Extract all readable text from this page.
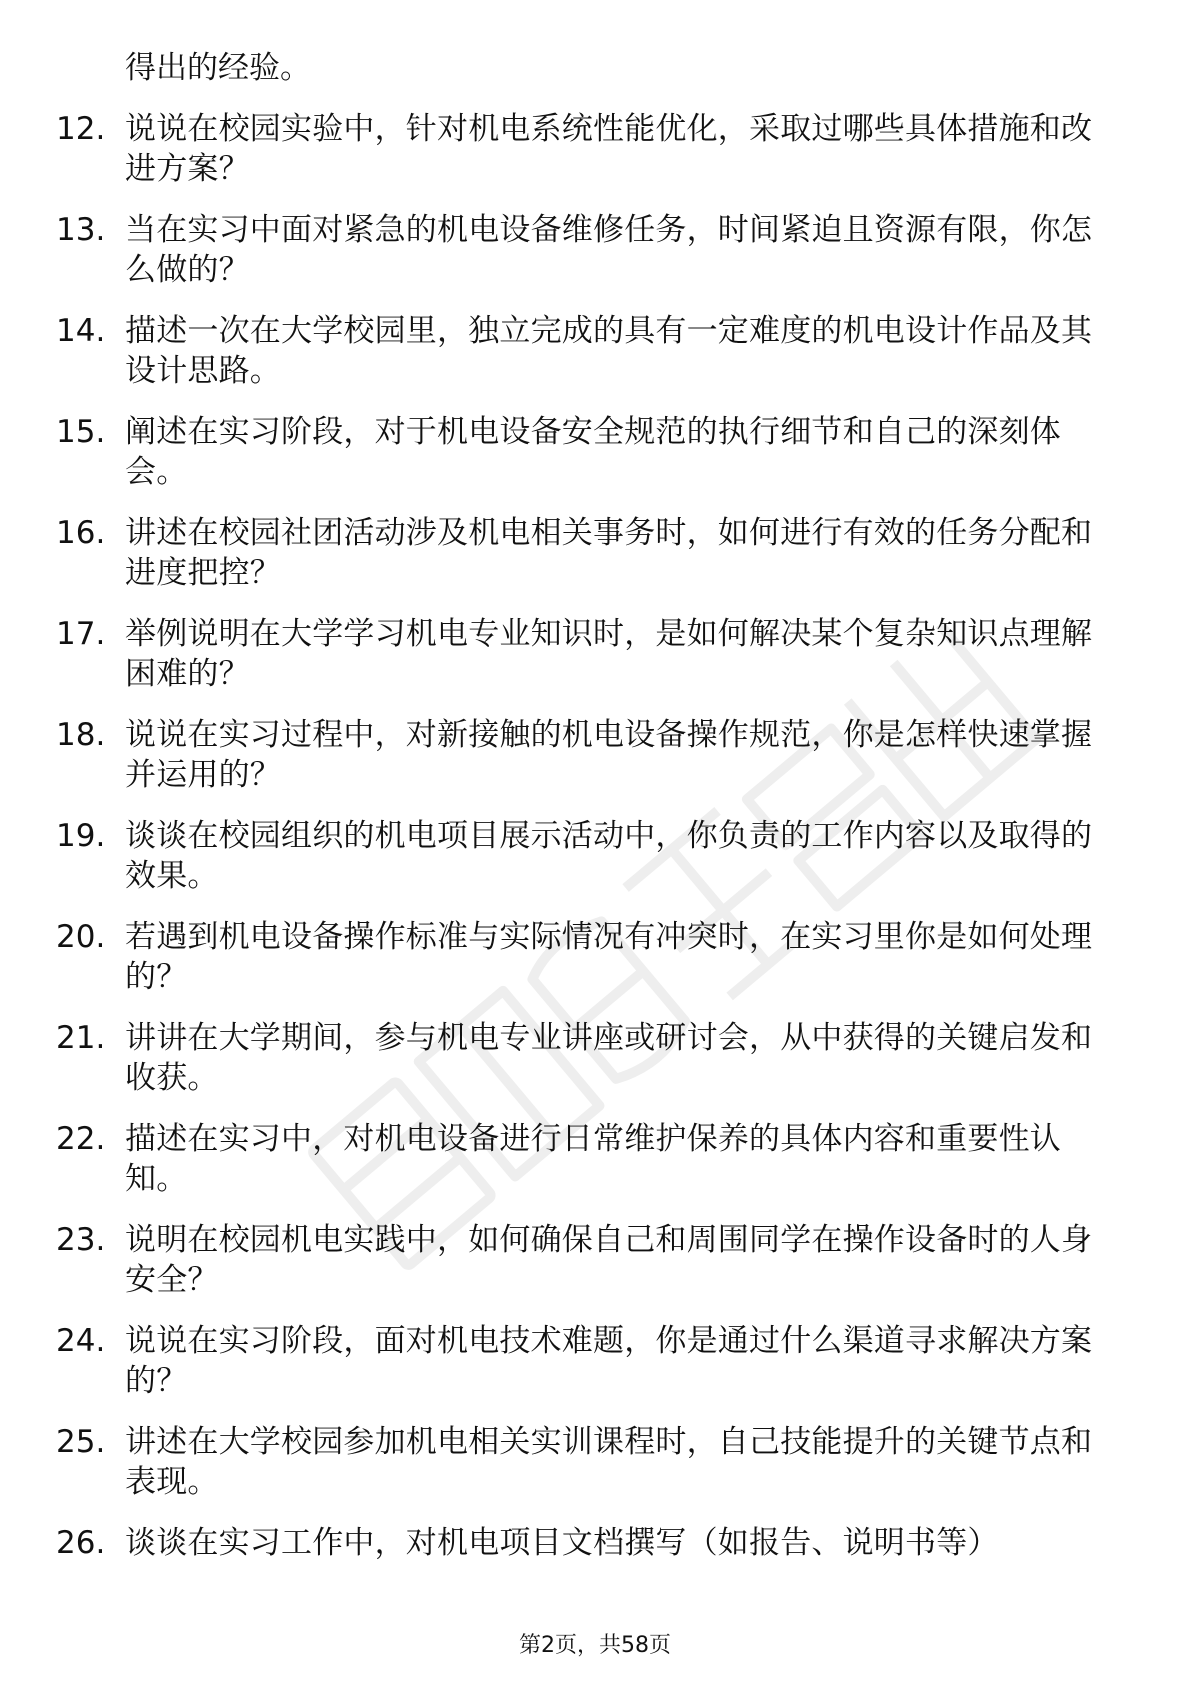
得出的经验。
12. 说说在校园实验中，针对机电系统性能优化，采取过哪些具体措施和改进方案？
13. 当在实习中面对紧急的机电设备维修任务，时间紧迫且资源有限，你怎么做的？
14. 描述一次在大学校园里，独立完成的具有一定难度的机电设计作品及其设计思路。
15. 阐述在实习阶段，对于机电设备安全规范的执行细节和自己的深刻体会。
16. 讲述在校园社团活动涉及机电相关事务时，如何进行有效的任务分配和进度把控？
17. 举例说明在大学学习机电专业知识时，是如何解决某个复杂知识点理解困难的？
18. 说说在实习过程中，对新接触的机电设备操作规范，你是怎样快速掌握并运用的？
19. 谈谈在校园组织的机电项目展示活动中，你负责的工作内容以及取得的效果。
20. 若遇到机电设备操作标准与实际情况有冲突时，在实习里你是如何处理的？
21. 讲讲在大学期间，参与机电专业讲座或研讨会，从中获得的关键启发和收获。
22. 描述在实习中，对机电设备进行日常维护保养的具体内容和重要性认知。
23. 说明在校园机电实践中，如何确保自己和周围同学在操作设备时的人身安全？
24. 说说在实习阶段，面对机电技术难题，你是通过什么渠道寻求解决方案的？
25. 讲述在大学校园参加机电相关实训课程时，自己技能提升的关键节点和表现。
26. 谈谈在实习工作中，对机电项目文档撰写（如报告、说明书等）
第2页，共58页
